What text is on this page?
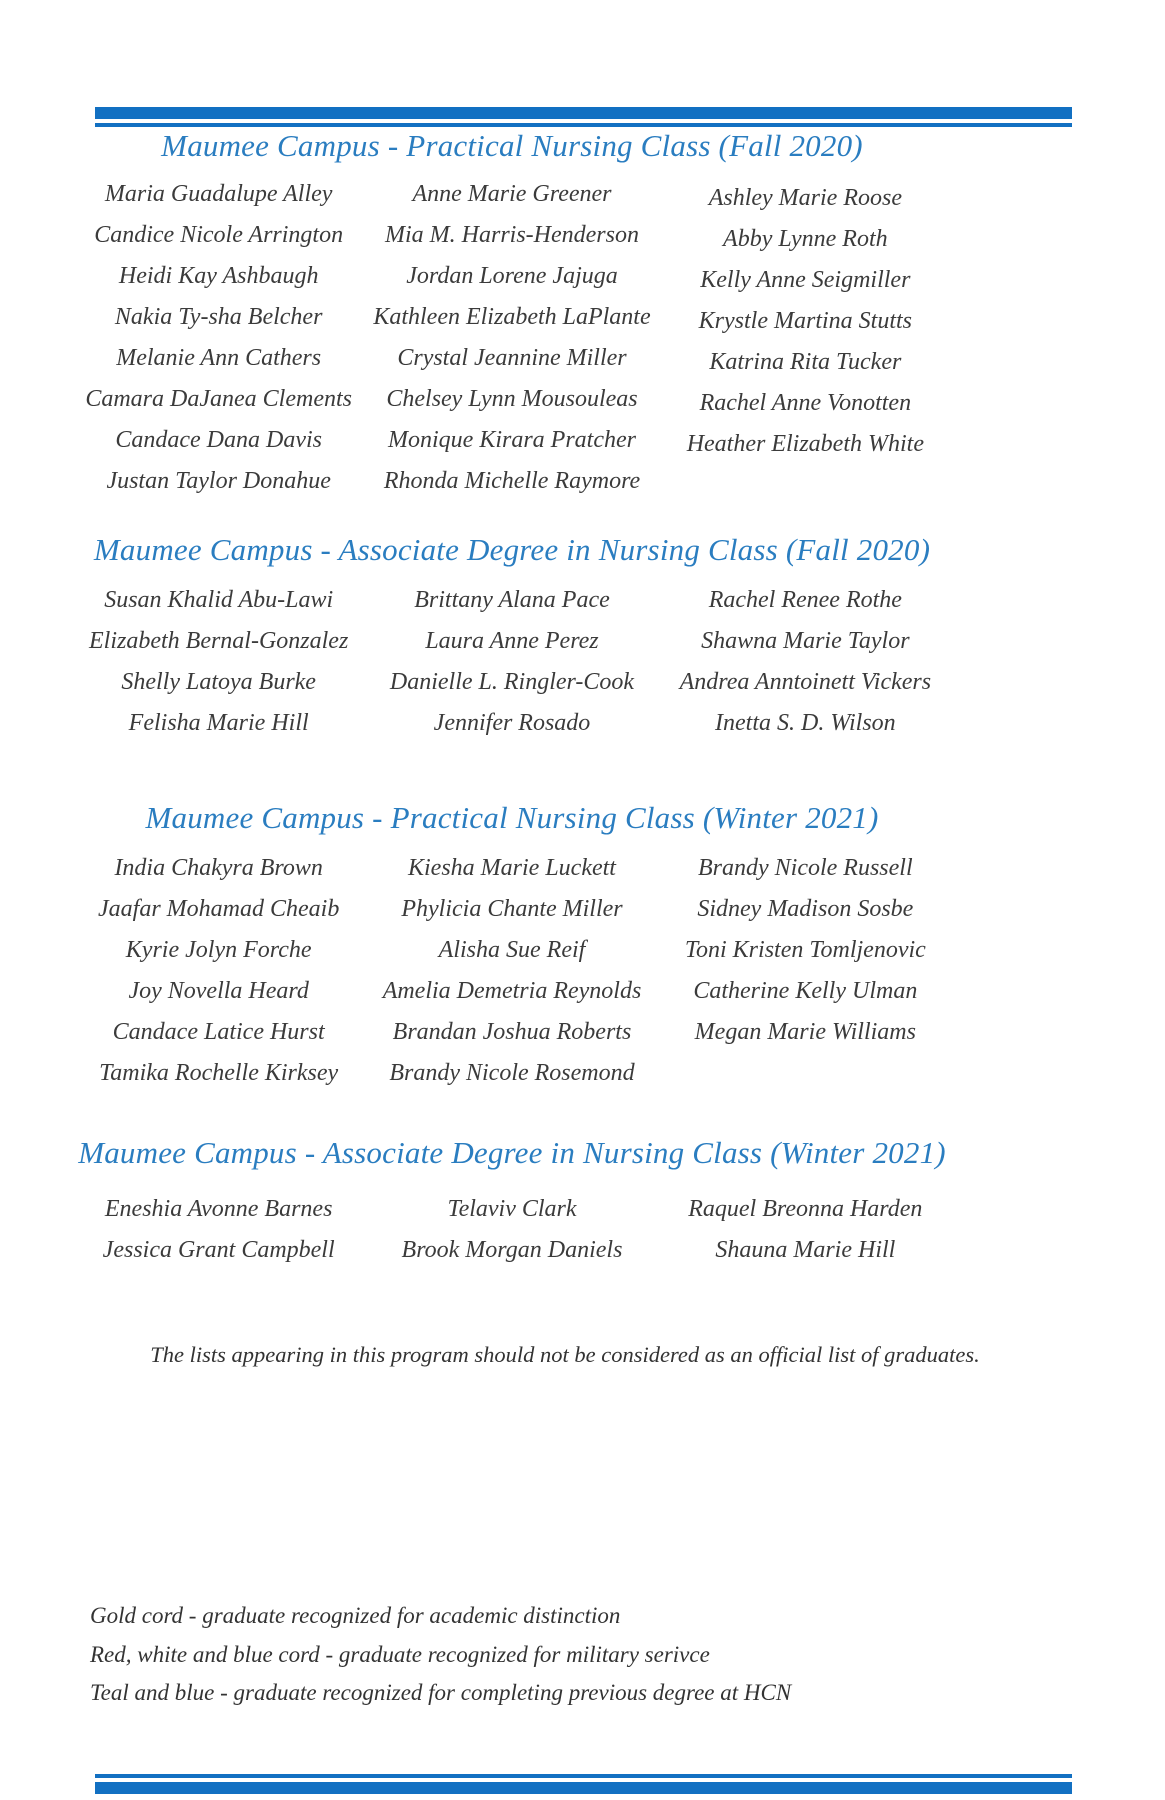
Maumee Campus - Practical Nursing Class (Fall 2020)
Maria Guadalupe Alley
Candice Nicole Arrington
Heidi Kay Ashbaugh
Nakia Ty-sha Belcher
Melanie Ann Cathers
Camara DaJanea Clements
Candace Dana Davis
Justan Taylor Donahue
Anne Marie Greener
Mia M. Harris-Henderson
Jordan Lorene Jajuga
Kathleen Elizabeth LaPlante
Crystal Jeannine Miller
Chelsey Lynn Mousouleas
Monique Kirara Pratcher
Rhonda Michelle Raymore
Ashley Marie Roose
Abby Lynne Roth
Kelly Anne Seigmiller
Krystle Martina Stutts
Katrina Rita Tucker
Rachel Anne Vonotten
Heather Elizabeth White
Maumee Campus - Associate Degree in Nursing Class (Fall 2020)
Susan Khalid Abu-Lawi
Elizabeth Bernal-Gonzalez
Shelly Latoya Burke
Felisha Marie Hill
Brittany Alana Pace
Laura Anne Perez
Danielle L. Ringler-Cook
Jennifer Rosado
Rachel Renee Rothe
Shawna Marie Taylor
Andrea Anntoinett Vickers
Inetta S. D. Wilson
Maumee Campus - Practical Nursing Class (Winter 2021)
India Chakyra Brown
Jaafar Mohamad Cheaib
Kyrie Jolyn Forche
Joy Novella Heard
Candace Latice Hurst
Tamika Rochelle Kirksey
Kiesha Marie Luckett
Phylicia Chante Miller
Alisha Sue Reif
Amelia Demetria Reynolds
Brandan Joshua Roberts
Brandy Nicole Rosemond
Brandy Nicole Russell
Sidney Madison Sosbe
Toni Kristen Tomljenovic
Catherine Kelly Ulman
Megan Marie Williams
Maumee Campus - Associate Degree in Nursing Class (Winter 2021)
Eneshia Avonne Barnes
Jessica Grant Campbell
Telaviv Clark
Brook Morgan Daniels
Raquel Breonna Harden
Shauna Marie Hill

The lists appearing in this program should not be considered as an official list of graduates.

Gold cord - graduate recognized for academic distinction

Red, white and blue cord - graduate recognized for military serivce

Teal and blue - graduate recognized for completing previous degree at HCN
